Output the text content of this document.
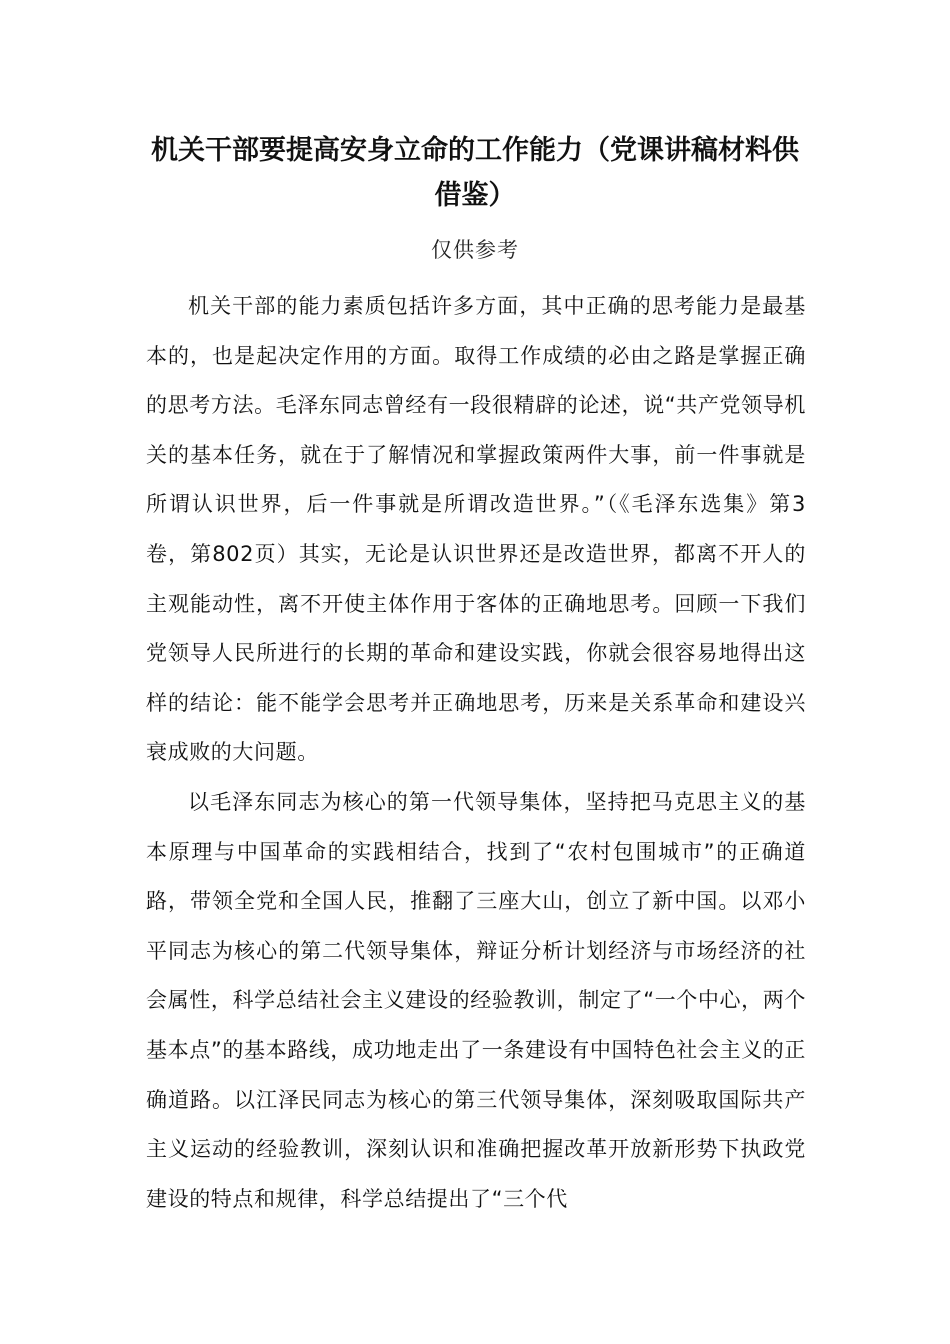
机关干部要提高安身立命的工作能力（党课讲稿材料供借鉴）
仅供参考

机关干部的能力素质包括许多方面，其中正确的思考能力是最基本的，也是起决定作用的方面。取得工作成绩的必由之路是掌握正确的思考方法。毛泽东同志曾经有一段很精辟的论述，说“共产党领导机关的基本任务，就在于了解情况和掌握政策两件大事，前一件事就是所谓认识世界，后一件事就是所谓改造世界。”（《毛泽东选集》第3卷，第802页）其实，无论是认识世界还是改造世界，都离不开人的主观能动性，离不开使主体作用于客体的正确地思考。回顾一下我们党领导人民所进行的长期的革命和建设实践，你就会很容易地得出这样的结论：能不能学会思考并正确地思考，历来是关系革命和建设兴衰成败的大问题。

以毛泽东同志为核心的第一代领导集体，坚持把马克思主义的基本原理与中国革命的实践相结合，找到了“农村包围城市”的正确道路，带领全党和全国人民，推翻了三座大山，创立了新中国。以邓小平同志为核心的第二代领导集体，辩证分析计划经济与市场经济的社会属性，科学总结社会主义建设的经验教训，制定了“一个中心，两个基本点”的基本路线，成功地走出了一条建设有中国特色社会主义的正确道路。以江泽民同志为核心的第三代领导集体，深刻吸取国际共产主义运动的经验教训，深刻认识和准确把握改革开放新形势下执政党建设的特点和规律，科学总结提出了“三个代
